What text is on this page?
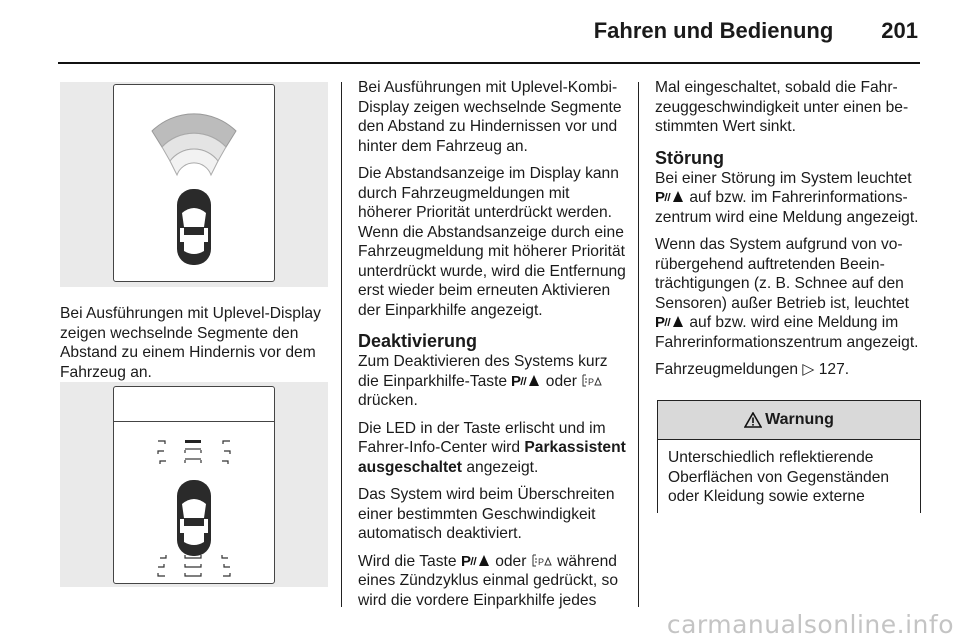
Fahren und Bedienung 201

Bei Ausführungen mit Uplevel-Display zeigen wechselnde Segmente den Abstand zu einem Hindernis vor dem Fahrzeug an.

Bei Ausführungen mit Uplevel-Kombi-Display zeigen wechselnde Segmente den Abstand zu Hindernissen vor und hinter dem Fahrzeug an.

Die Abstandsanzeige im Display kann durch Fahrzeugmeldungen mit höherer Priorität unterdrückt werden. Wenn die Abstandsanzeige durch eine Fahrzeugmeldung mit höherer Priorität unterdrückt wurde, wird die Entfernung erst wieder beim erneuten Aktivieren der Einparkhilfe angezeigt.

Deaktivierung

Zum Deaktivieren des Systems kurz die Einparkhilfe-Taste P oder P
drücken.

Die LED in der Taste erlischt und im Fahrer-Info-Center wird Parkassistent ausgeschaltet angezeigt.

Das System wird beim Überschreiten einer bestimmten Geschwindigkeit automatisch deaktiviert.

Wird die Taste P oder P während eines Zündzyklus einmal gedrückt, so wird die vordere Einparkhilfe jedes

Mal eingeschaltet, sobald die Fahrzeuggeschwindigkeit unter einen bestimmten Wert sinkt.

Störung

Bei einer Störung im System leuchtet
P auf bzw. im Fahrerinformationszentrum wird eine Meldung angezeigt.

Wenn das System aufgrund von vorübergehend auftretenden Beeinträchtigungen (z. B. Schnee auf den Sensoren) außer Betrieb ist, leuchtet
P auf bzw. wird eine Meldung im Fahrerinformationszentrum angezeigt.

Fahrzeugmeldungen ▷ 127.

Warnung
Unterschiedlich reflektierende Oberflächen von Gegenständen oder Kleidung sowie externe
carmanualsonline.info
